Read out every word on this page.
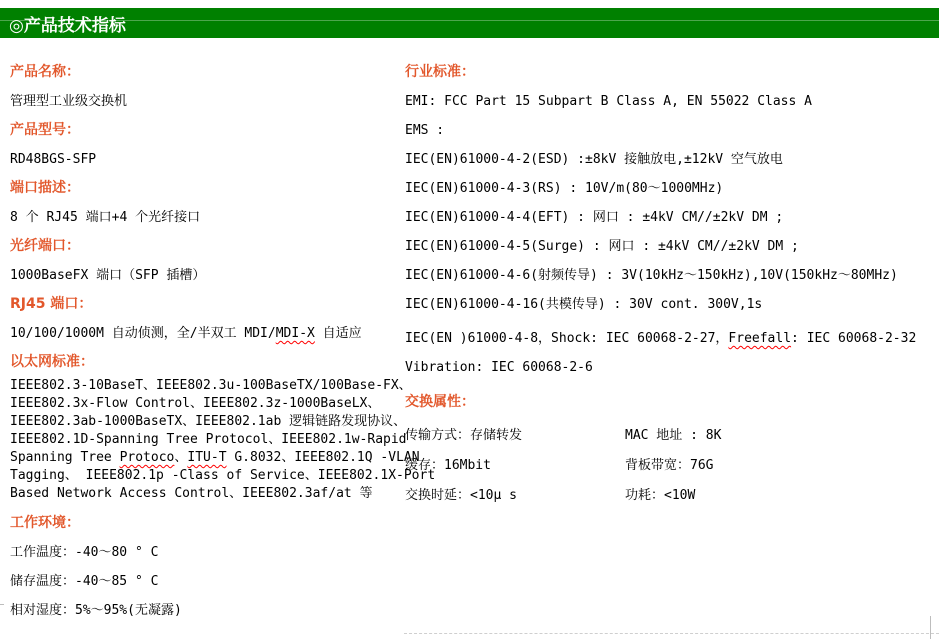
◎产品技术指标
产品名称：
管理型工业级交换机
产品型号：
RD48BGS-SFP
端口描述：
8 个 RJ45 端口+4 个光纤接口
光纤端口：
1000BaseFX 端口（SFP 插槽）
RJ45 端口：
10/100/1000M 自动侦测，全/半双工 MDI/MDI-X 自适应
以太网标准：
IEEE802.3-10BaseT、IEEE802.3u-100BaseTX/100Base-FX、
IEEE802.3x-Flow Control、IEEE802.3z-1000BaseLX、
IEEE802.3ab-1000BaseTX、IEEE802.1ab 逻辑链路发现协议、
IEEE802.1D-Spanning Tree Protocol、IEEE802.1w-Rapid
Spanning Tree Protoco、ITU-T G.8032、IEEE802.1Q -VLAN
Tagging、 IEEE802.1p -Class of Service、IEEE802.1X-Port
Based Network Access Control、IEEE802.3af/at 等
工作环境：
工作温度：-40～80 ° C
储存温度：-40～85 ° C
相对湿度：5%～95%(无凝露)
行业标准：
EMI: FCC Part 15 Subpart B Class A, EN 55022 Class A
EMS :
IEC(EN)61000-4-2(ESD) :±8kV 接触放电,±12kV 空气放电
IEC(EN)61000-4-3(RS) : 10V/m(80～1000MHz)
IEC(EN)61000-4-4(EFT) : 网口 : ±4kV CM//±2kV DM ;
IEC(EN)61000-4-5(Surge) : 网口 : ±4kV CM//±2kV DM ;
IEC(EN)61000-4-6(射频传导) : 3V(10kHz～150kHz),10V(150kHz～80MHz)
IEC(EN)61000-4-16(共模传导) : 30V cont. 300V,1s
IEC(EN )61000-4-8，Shock: IEC 60068-2-27，Freefall: IEC 60068-2-32
Vibration: IEC 60068-2-6
交换属性：
传输方式：存储转发	MAC 地址 : 8K
缓存：16Mbit	背板带宽：76G
交换时延：<10μ s	功耗：<10W
